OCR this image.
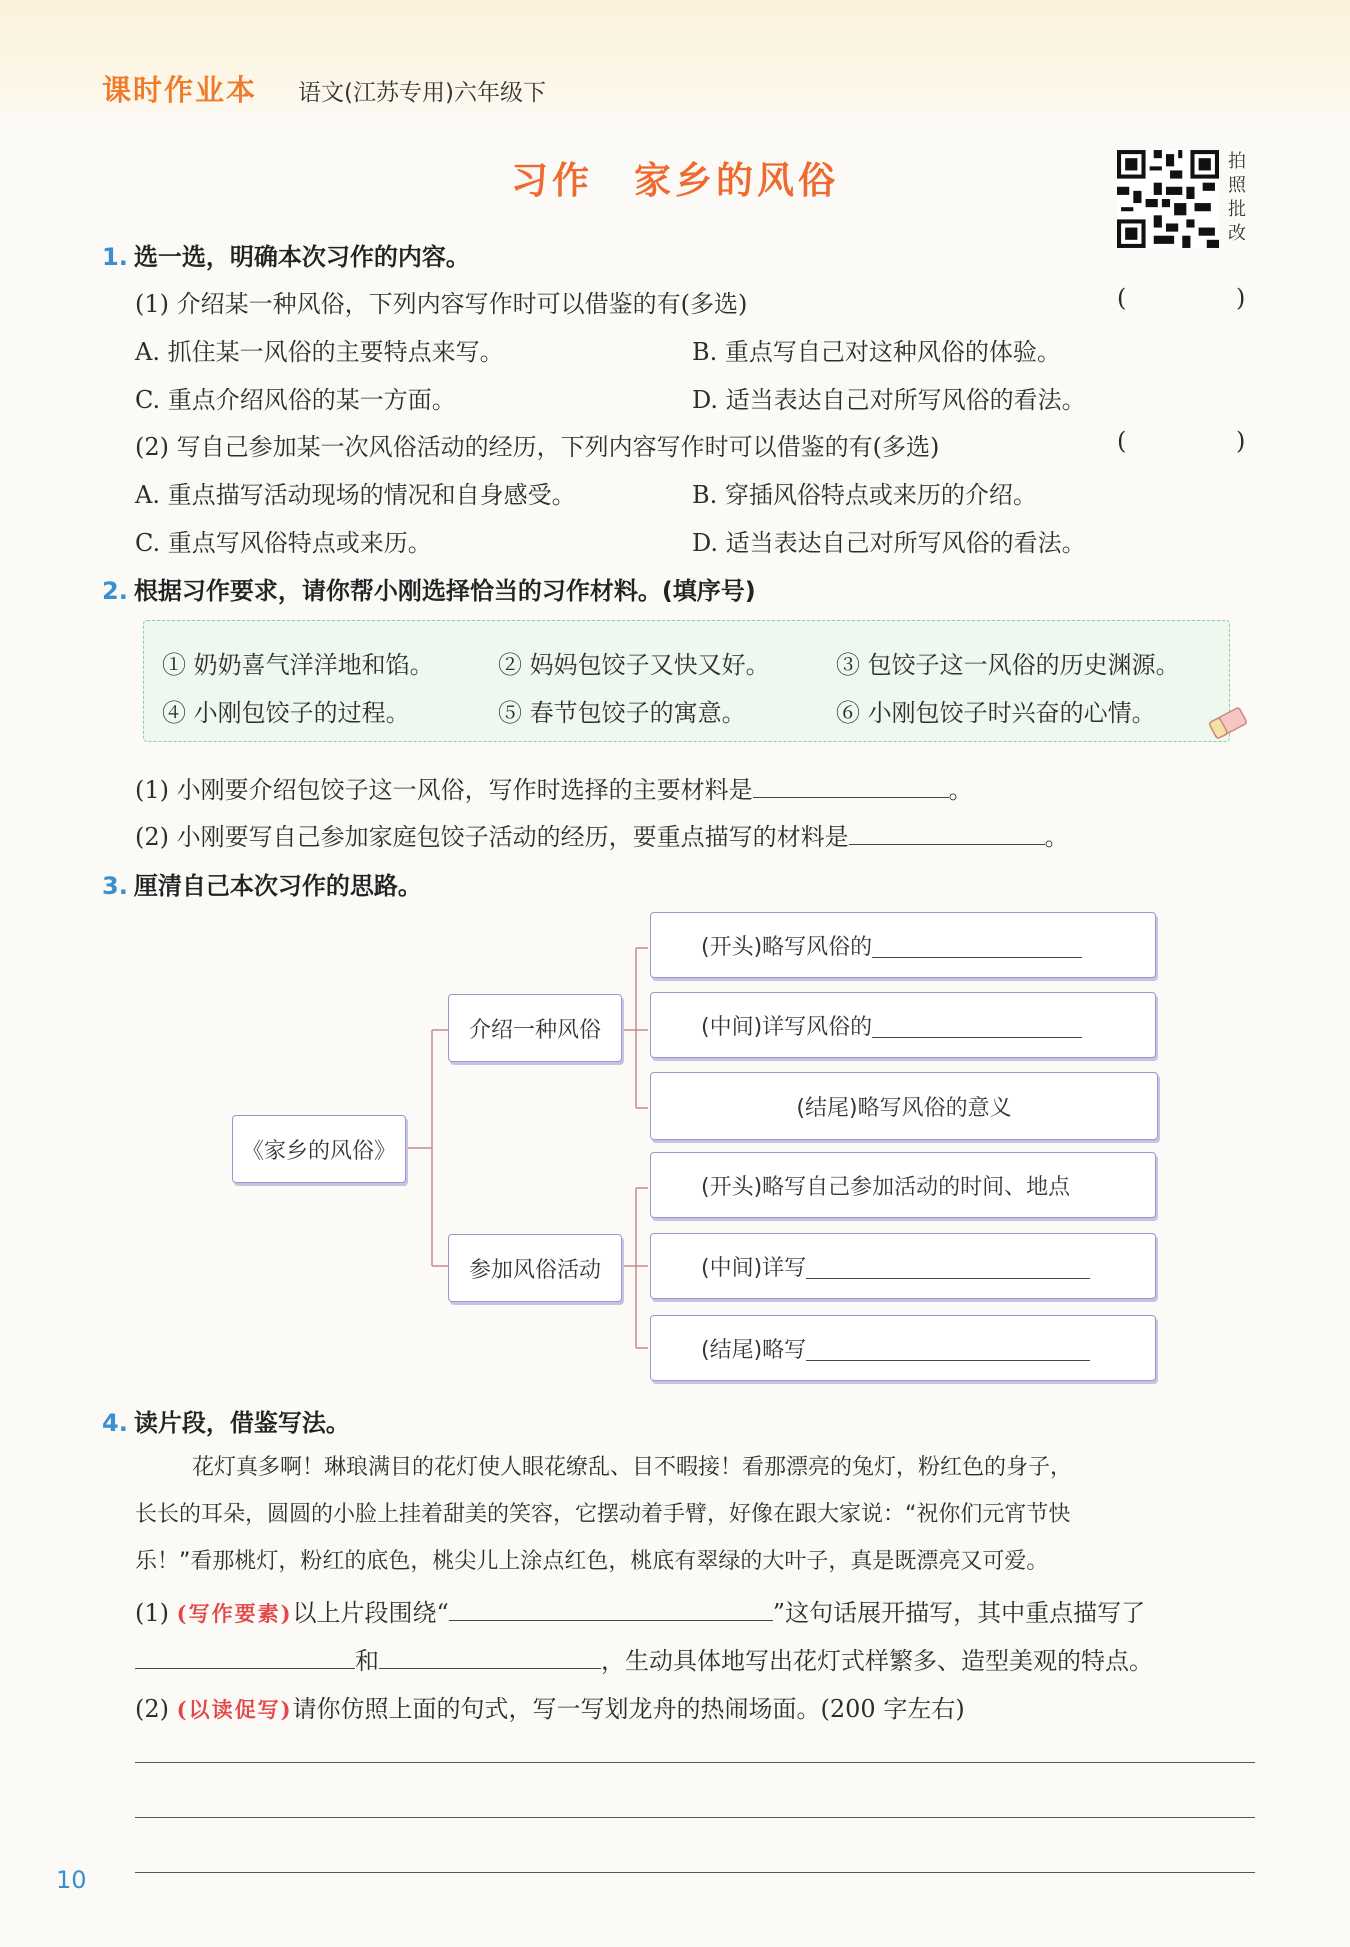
课时作业本 语文(江苏专用)六年级下
习作　家乡的风俗	拍照批改
1. 选一选，明确本次习作的内容。
(1) 介绍某一种风俗，下列内容写作时可以借鉴的有(多选)	(	)
A. 抓住某一风俗的主要特点来写。	B. 重点写自己对这种风俗的体验。
C. 重点介绍风俗的某一方面。	D. 适当表达自己对所写风俗的看法。
(2) 写自己参加某一次风俗活动的经历，下列内容写作时可以借鉴的有(多选)	(	)
A. 重点描写活动现场的情况和自身感受。	B. 穿插风俗特点或来历的介绍。
C. 重点写风俗特点或来历。	D. 适当表达自己对所写风俗的看法。
2. 根据习作要求，请你帮小刚选择恰当的习作材料。(填序号)
① 奶奶喜气洋洋地和馅。	② 妈妈包饺子又快又好。	③ 包饺子这一风俗的历史渊源。
④ 小刚包饺子的过程。	⑤ 春节包饺子的寓意。	⑥ 小刚包饺子时兴奋的心情。
(1) 小刚要介绍包饺子这一风俗，写作时选择的主要材料是	。
(2) 小刚要写自己参加家庭包饺子活动的经历，要重点描写的材料是	。
3. 厘清自己本次习作的思路。
《家乡的风俗》
介绍一种风俗
参加风俗活动
(开头)略写风俗的
(中间)详写风俗的
(结尾)略写风俗的意义
(开头)略写自己参加活动的时间、地点
(中间)详写
(结尾)略写
4. 读片段，借鉴写法。
花灯真多啊！琳琅满目的花灯使人眼花缭乱、目不暇接！看那漂亮的兔灯，粉红色的身子，
长长的耳朵，圆圆的小脸上挂着甜美的笑容，它摆动着手臂，好像在跟大家说：“祝你们元宵节快
乐！”看那桃灯，粉红的底色，桃尖儿上涂点红色，桃底有翠绿的大叶子，真是既漂亮又可爱。
(1) (写作要素)以上片段围绕“	”这句话展开描写，其中重点描写了
和	，生动具体地写出花灯式样繁多、造型美观的特点。
(2) (以读促写)请你仿照上面的句式，写一写划龙舟的热闹场面。(200 字左右)
10
